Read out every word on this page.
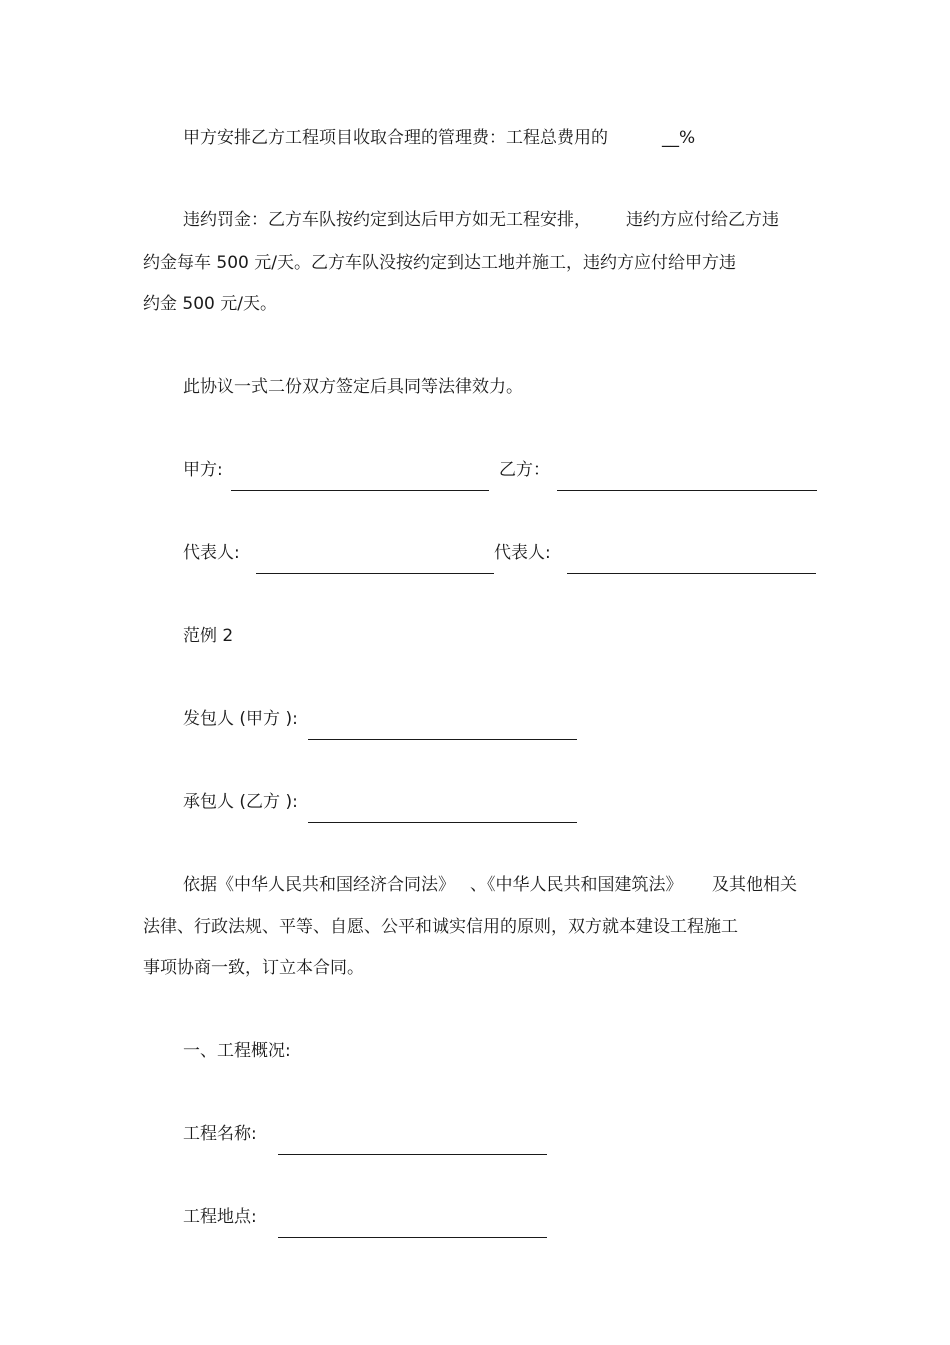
甲方安排乙方工程项目收取合理的管理费：工程总费用的	__%
违约罚金：乙方车队按约定到达后甲方如无工程安排， 违约方应付给乙方违
约金每车 500 元/天。乙方车队没按约定到达工地并施工，违约方应付给甲方违
约金 500 元/天。
此协议一式二份双方签定后具同等法律效力。
甲方:	乙方：
代表人:	代表人:
范例 2
发包人 (甲方 ):
承包人 (乙方 ):
依据《中华人民共和国经济合同法》 、《中华人民共和国建筑法》 及其他相关
法律、行政法规、平等、自愿、公平和诚实信用的原则，双方就本建设工程施工
事项协商一致，订立本合同。
一、工程概况:
工程名称:
工程地点:
